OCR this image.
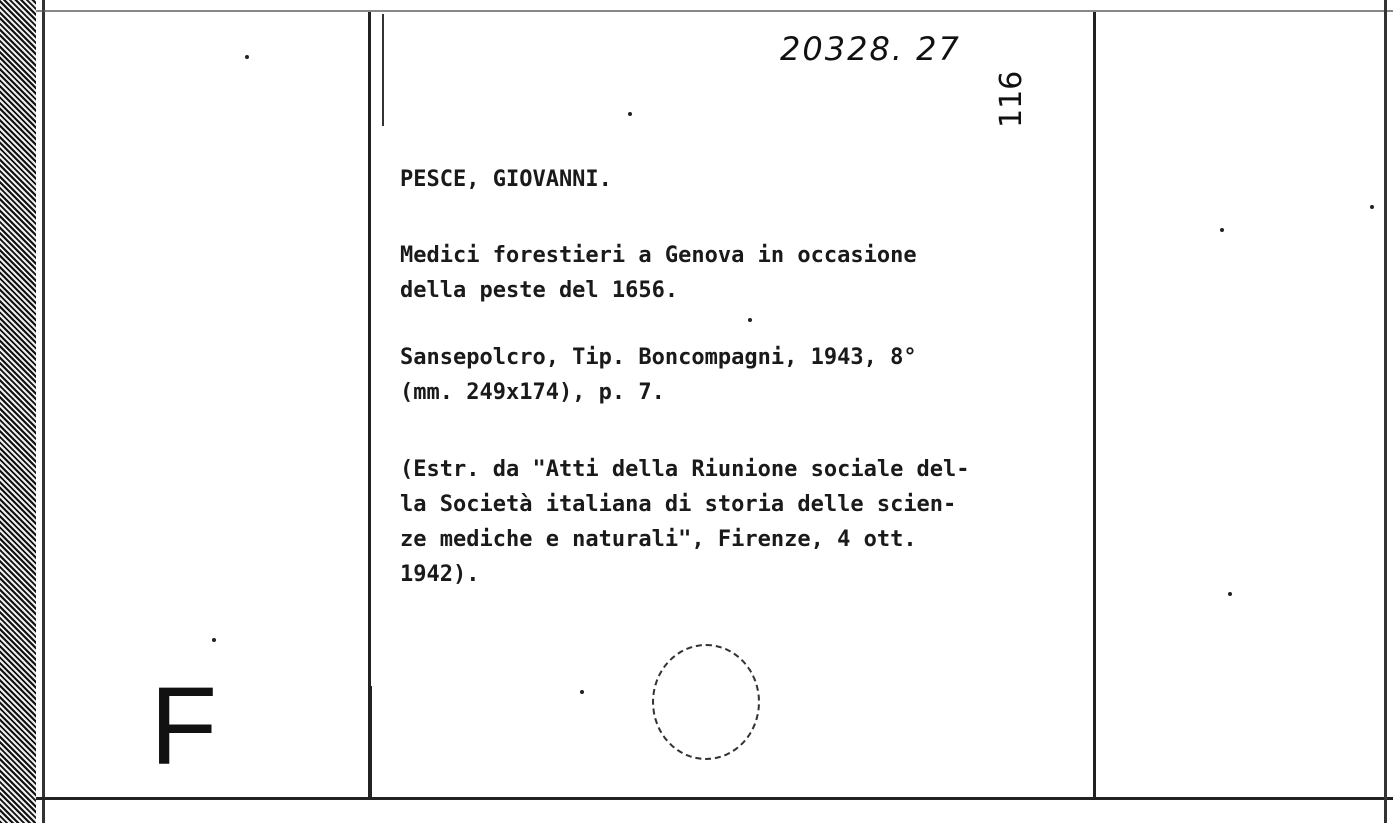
20328. 27
116
PESCE, GIOVANNI.
Medici forestieri a Genova in occasione
della peste del 1656.
Sansepolcro, Tip. Boncompagni, 1943, 8°
(mm. 249x174), p. 7.
(Estr. da "Atti della Riunione sociale del-
la Società italiana di storia delle scien-
ze mediche e naturali", Firenze, 4 ott.
1942).
F
